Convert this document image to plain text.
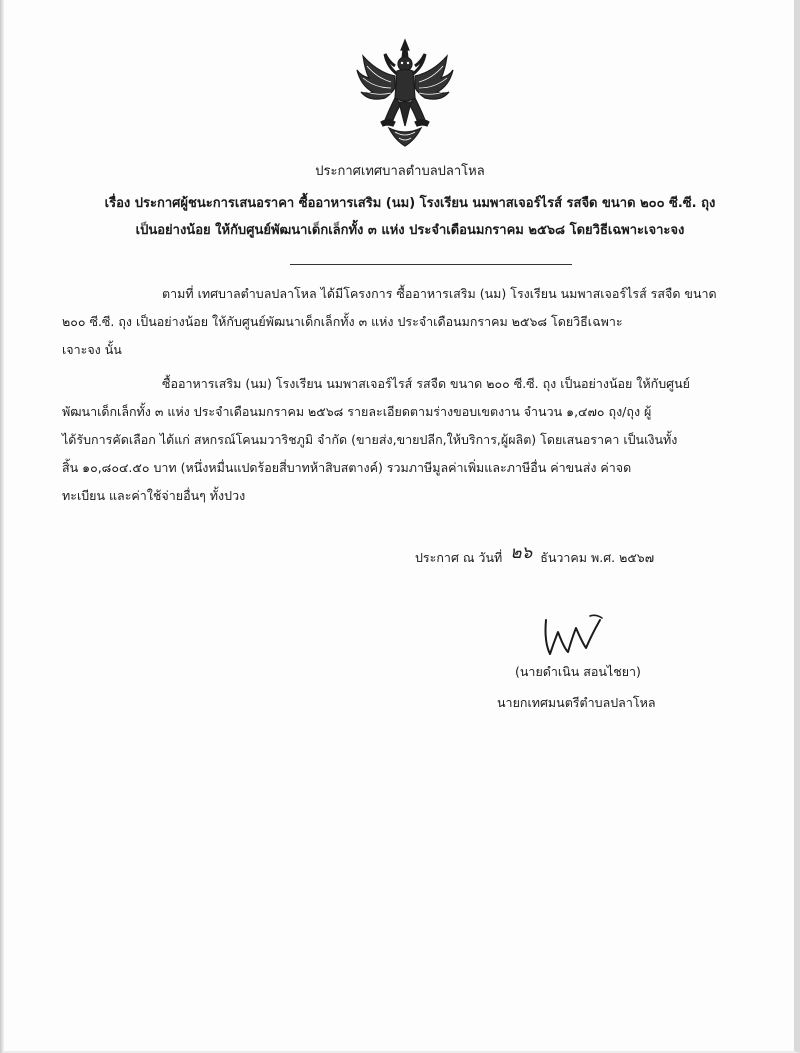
ประกาศเทศบาลตำบลปลาโหล

เรื่อง ประกาศผู้ชนะการเสนอราคา ซื้ออาหารเสริม (นม) โรงเรียน นมพาสเจอร์ไรส์ รสจืด ขนาด ๒๐๐ ซี.ซี. ถุง

เป็นอย่างน้อย ให้กับศูนย์พัฒนาเด็กเล็กทั้ง ๓ แห่ง ประจำเดือนมกราคม ๒๕๖๘ โดยวิธีเฉพาะเจาะจง

ตามที่ เทศบาลตำบลปลาโหล ได้มีโครงการ ซื้ออาหารเสริม (นม) โรงเรียน นมพาสเจอร์ไรส์ รสจืด ขนาด

๒๐๐ ซี.ซี. ถุง เป็นอย่างน้อย ให้กับศูนย์พัฒนาเด็กเล็กทั้ง ๓ แห่ง ประจำเดือนมกราคม ๒๕๖๘ โดยวิธีเฉพาะ

เจาะจง นั้น

ซื้ออาหารเสริม (นม) โรงเรียน นมพาสเจอร์ไรส์ รสจืด ขนาด ๒๐๐ ซี.ซี. ถุง เป็นอย่างน้อย ให้กับศูนย์

พัฒนาเด็กเล็กทั้ง ๓ แห่ง ประจำเดือนมกราคม ๒๕๖๘ รายละเอียดตามร่างขอบเขตงาน จำนวน ๑,๔๗๐ ถุง/ถุง ผู้

ได้รับการคัดเลือก ได้แก่ สหกรณ์โคนมวาริชภูมิ จำกัด (ขายส่ง,ขายปลีก,ให้บริการ,ผู้ผลิต) โดยเสนอราคา เป็นเงินทั้ง

สิ้น ๑๐,๘๐๔.๕๐ บาท (หนึ่งหมื่นแปดร้อยสี่บาทห้าสิบสตางค์) รวมภาษีมูลค่าเพิ่มและภาษีอื่น ค่าขนส่ง ค่าจด

ทะเบียน และค่าใช้จ่ายอื่นๆ ทั้งปวง

ประกาศ ณ วันที่ ๒๖ ธันวาคม พ.ศ. ๒๕๖๗
(นายดำเนิน สอนไชยา)
นายกเทศมนตรีตำบลปลาโหล
